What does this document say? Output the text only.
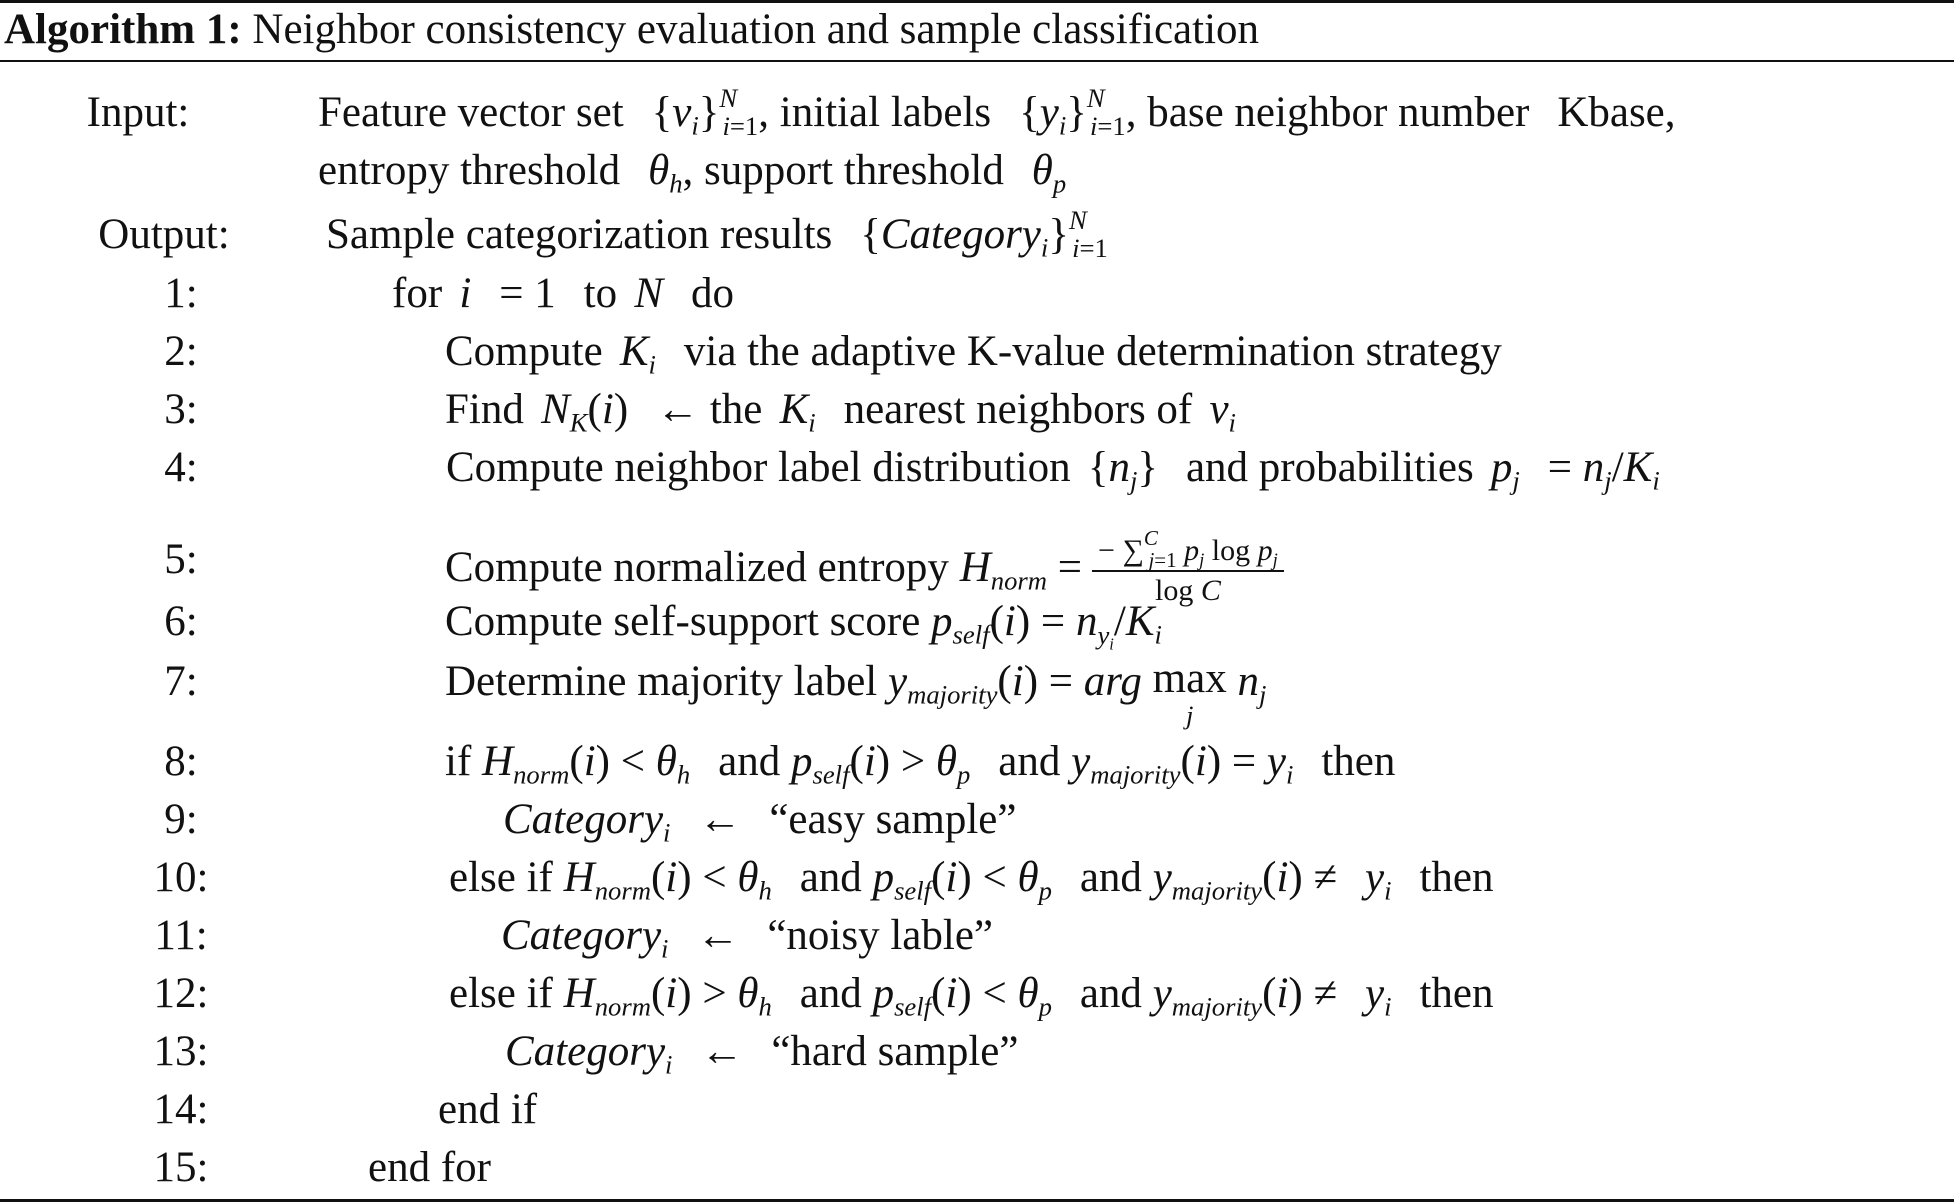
Algorithm 1: Neighbor consistency evaluation and sample classification
Input:	Feature vector set $\{v_i\}^N_{i=1}$, initial labels $\{y_i\}^N_{i=1}$, base neighbor number Kbase,
entropy threshold $\theta_h$, support threshold $\theta_p$
Output:	Sample categorization results {Category$_i$}$^N_{i=1}$
1:	for i = 1 to N do
2:	Compute $K_i$ via the adaptive K-value determination strategy
3:	Find $N_K(i)$ ← the $K_i$ nearest neighbors of $v_i$
4:	Compute neighbor label distribution $\{n_j\}$ and probabilities $p_j = n_j/K_i$
5:	Compute normalized entropy $H_{norm} = \frac{- \sum^C_{j=1} p_j \log p_j}{\text{log C}}$
6:	Compute self-support score $p_{self}(i) = n_{y_i}/K_i$
7:	Determine majority label $y_{majority}(i)$ = arg max
j
$n_j$
8:	if $H_{norm}(i) < \theta_h$ and $p_{self}(i) > \theta_p$ and $y_{majority}(i) = y_i$ then
9:	Category$_i$ ← “easy sample”
10:	else if $H_{norm}(i) < \theta_h$ and $p_{self}(i) < \theta_p$ and $y_{majority}(i) \ne y_i$ then
11:	Category$_i$ ← “noisy lable”
12:	else if $H_{norm}(i) > \theta_h$ and $p_{self}(i) < \theta_p$ and $y_{majority}(i) \ne y_i$ then
13:	Category$_i$ ← “hard sample”
14:	end if
15:	end for
